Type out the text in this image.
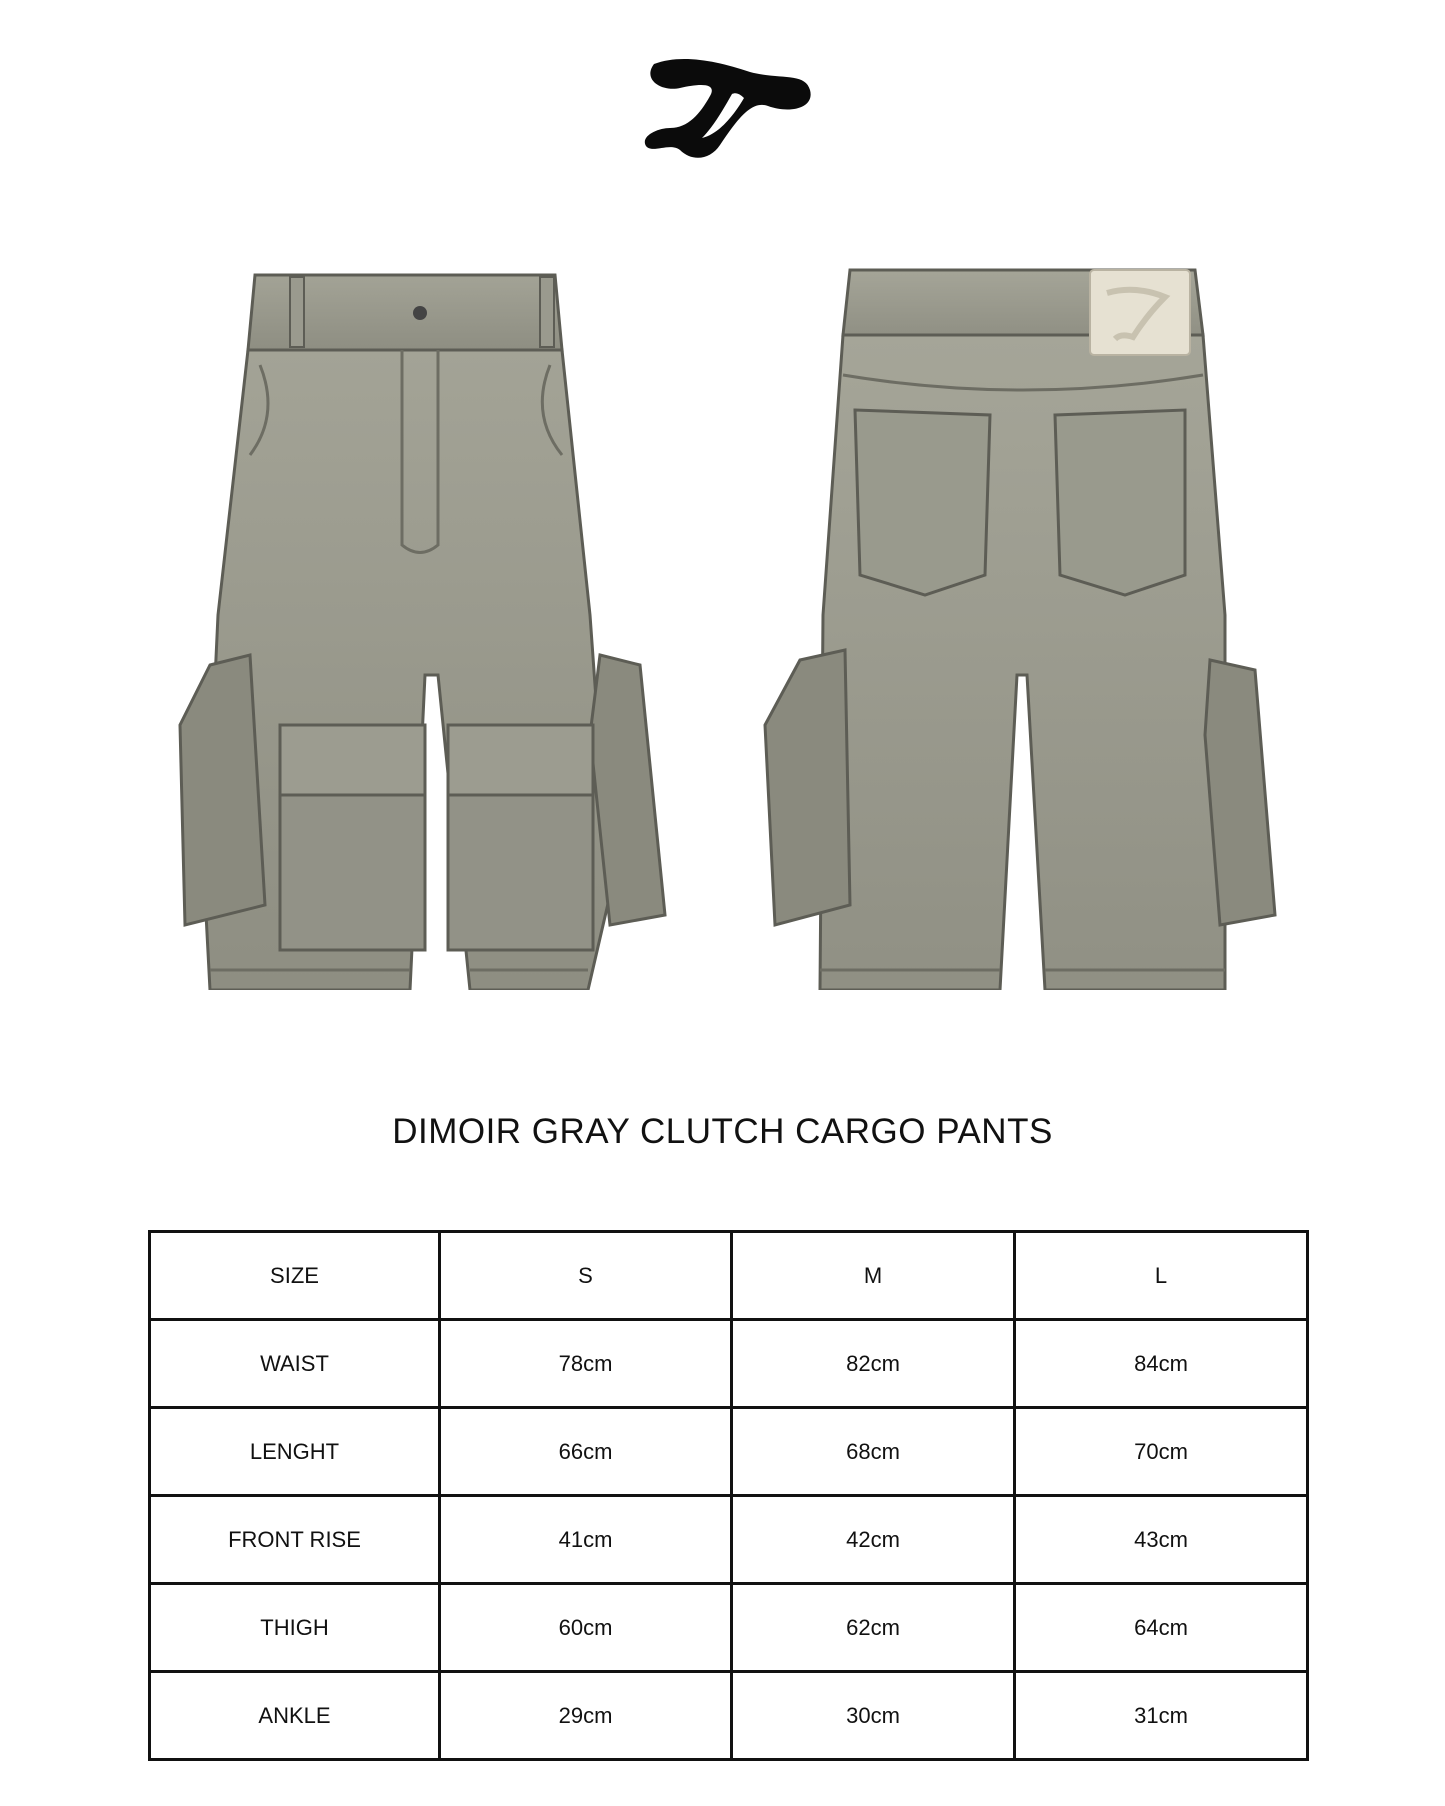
DIMOIR GRAY CLUTCH CARGO PANTS
SIZE	S	M	L
WAIST	78cm	82cm	84cm
LENGHT	66cm	68cm	70cm
FRONT RISE	41cm	42cm	43cm
THIGH	60cm	62cm	64cm
ANKLE	29cm	30cm	31cm
